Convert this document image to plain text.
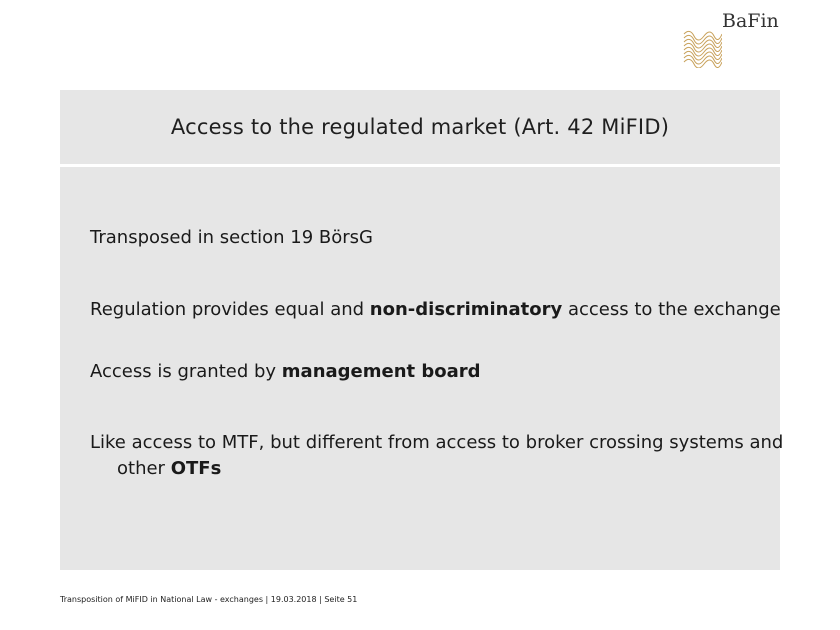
BaFin
Access to the regulated market (Art. 42 MiFID)
Transposed in section 19 BörsG
Regulation provides equal and non-discriminatory access to the exchange
Access is granted by management board
Like access to MTF, but different from access to broker crossing systems and other OTFs
Transposition of MiFID in National Law - exchanges | 19.03.2018 | Seite 51
